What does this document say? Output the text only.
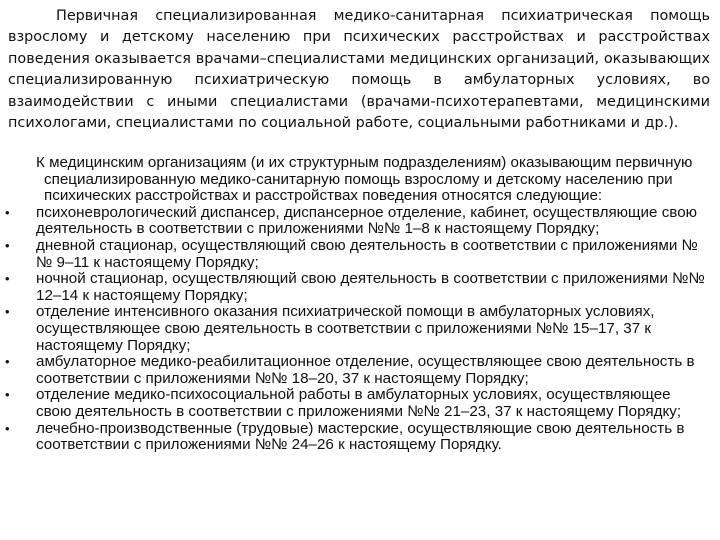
Первичная специализированная медико-санитарная психиатрическая помощь взрослому и детскому населению при психических расстройствах и расстройствах поведения оказывается врачами–специалистами медицинских организаций, оказывающих специализированную психиатрическую помощь в амбулаторных условиях, во взаимодействии с иными специалистами (врачами-психотерапевтами, медицинскими психологами, специалистами по социальной работе, социальными работниками и др.).

К медицинским организациям (и их структурным подразделениям) оказывающим первичную специализированную медико-санитарную помощь взрослому и детскому населению при психических расстройствах и расстройствах поведения относятся следующие:

• психоневрологический диспансер, диспансерное отделение, кабинет, осуществляющие свою деятельность в соответствии с приложениями №№ 1–8 к настоящему Порядку;
• дневной стационар, осуществляющий свою деятельность в соответствии с приложениями №№ 9–11 к настоящему Порядку;
• ночной стационар, осуществляющий свою деятельность в соответствии с приложениями №№ 12–14 к настоящему Порядку;
• отделение интенсивного оказания психиатрической помощи в амбулаторных условиях, осуществляющее свою деятельность в соответствии с приложениями №№ 15–17, 37 к настоящему Порядку;
• амбулаторное медико-реабилитационное отделение, осуществляющее свою деятельность в соответствии с приложениями №№ 18–20, 37 к настоящему Порядку;
• отделение медико-психосоциальной работы в амбулаторных условиях, осуществляющее свою деятельность в соответствии с приложениями №№ 21–23, 37 к настоящему Порядку;
• лечебно-производственные (трудовые) мастерские, осуществляющие свою деятельность в соответствии с приложениями №№ 24–26 к настоящему Порядку.
